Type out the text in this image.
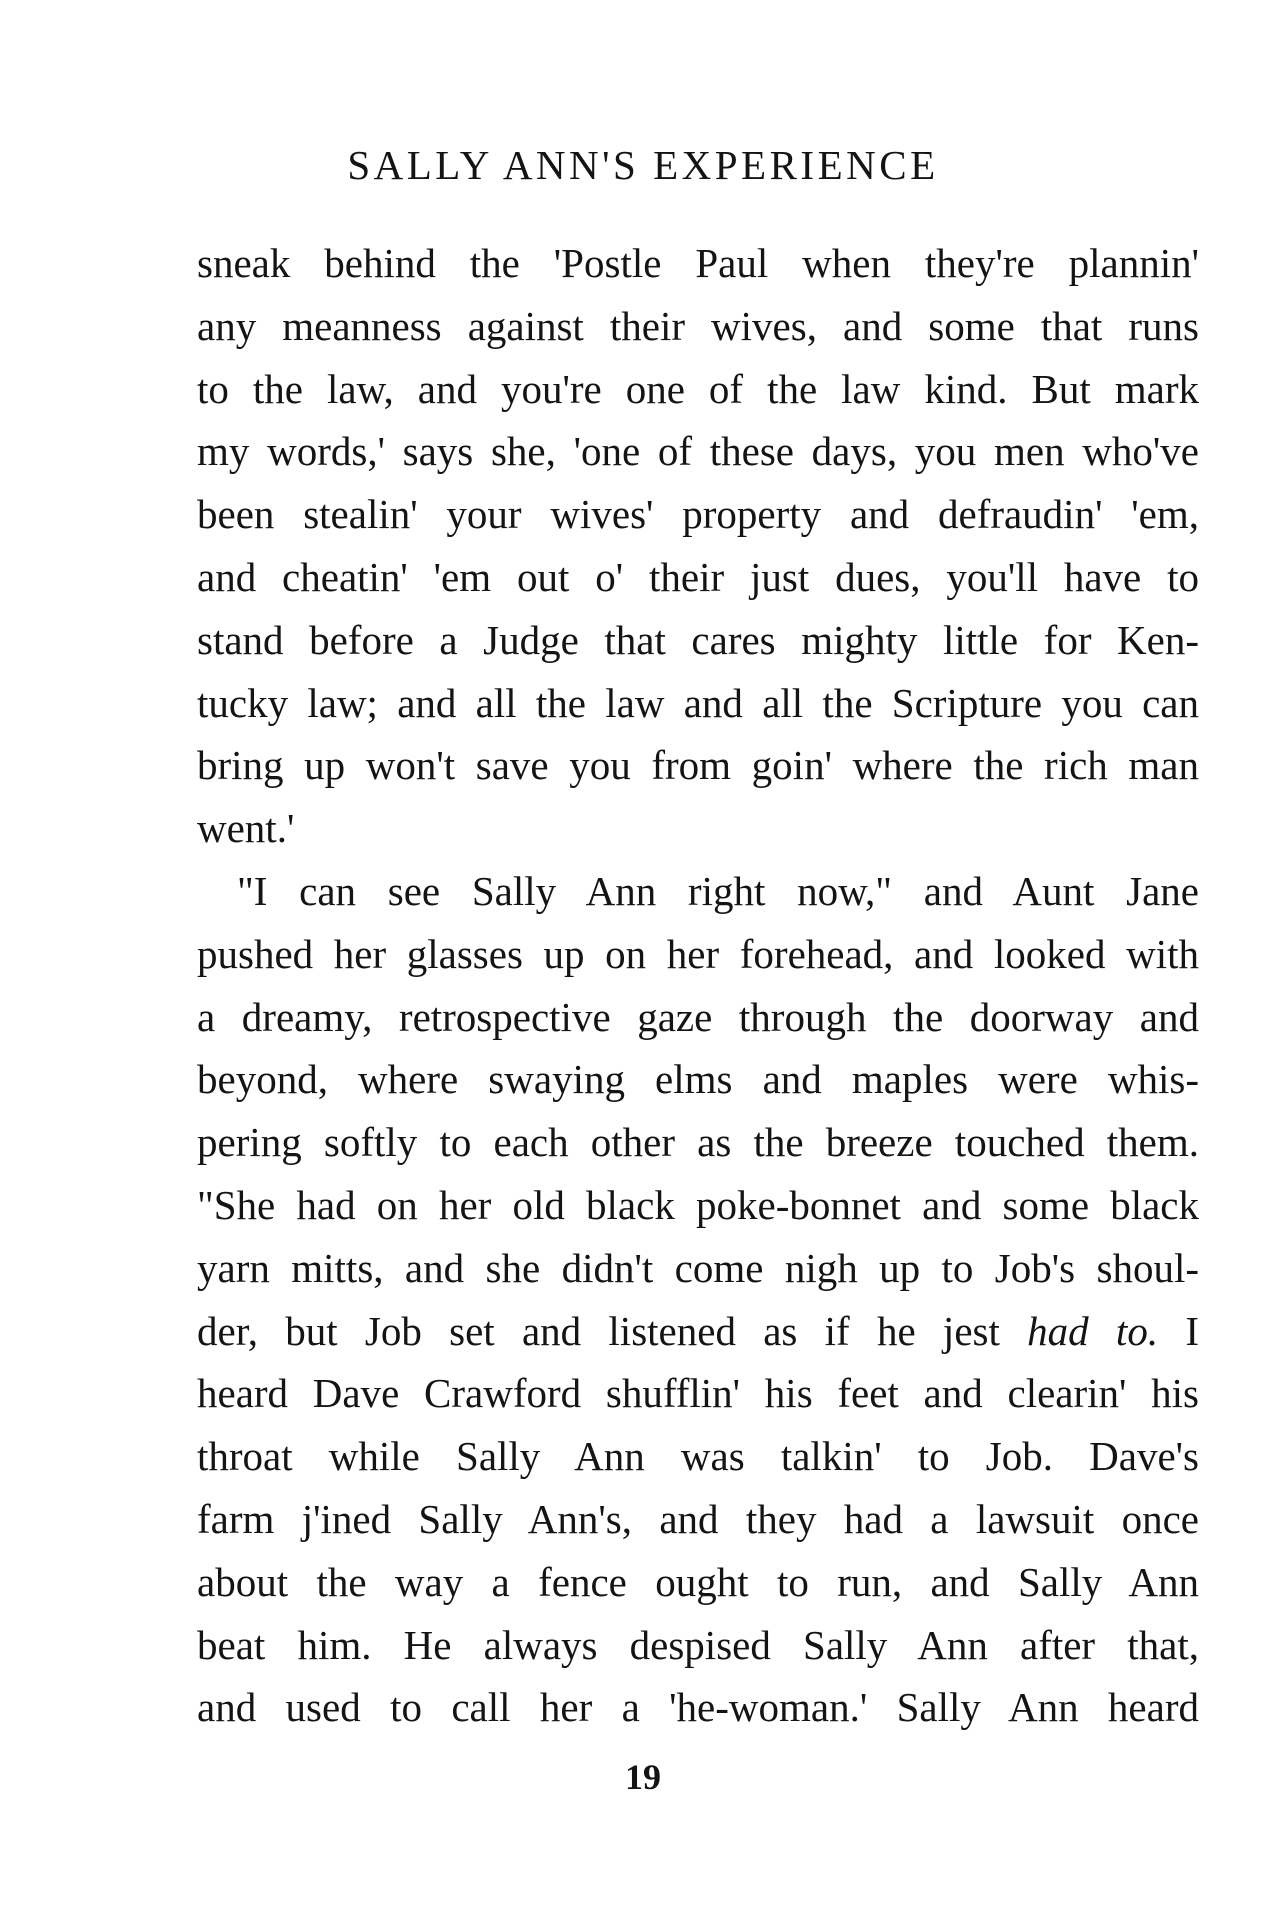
SALLY ANN'S EXPERIENCE
sneak behind the 'Postle Paul when they're plannin'
any meanness against their wives, and some that runs
to the law, and you're one of the law kind. But mark
my words,' says she, 'one of these days, you men who've
been stealin' your wives' property and defraudin' 'em,
and cheatin' 'em out o' their just dues, you'll have to
stand before a Judge that cares mighty little for Ken-
tucky law; and all the law and all the Scripture you can
bring up won't save you from goin' where the rich man
went.'
"I can see Sally Ann right now," and Aunt Jane
pushed her glasses up on her forehead, and looked with
a dreamy, retrospective gaze through the doorway and
beyond, where swaying elms and maples were whis-
pering softly to each other as the breeze touched them.
"She had on her old black poke-bonnet and some black
yarn mitts, and she didn't come nigh up to Job's shoul-
der, but Job set and listened as if he jest had to. I
heard Dave Crawford shufflin' his feet and clearin' his
throat while Sally Ann was talkin' to Job. Dave's
farm j'ined Sally Ann's, and they had a lawsuit once
about the way a fence ought to run, and Sally Ann
beat him. He always despised Sally Ann after that,
and used to call her a 'he-woman.' Sally Ann heard
19
